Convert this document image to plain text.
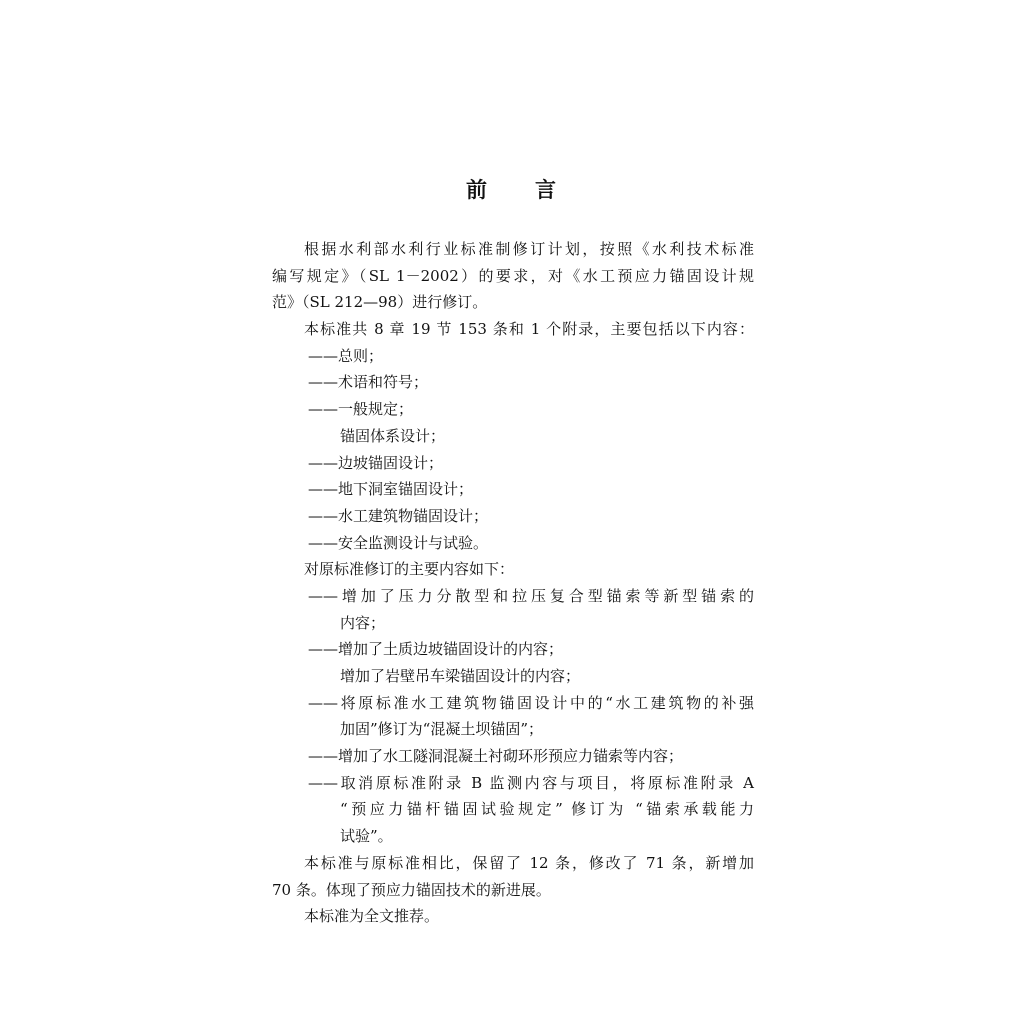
前 言
根据水利部水利行业标准制修订计划，按照《水利技术标准
编写规定》（SL 1－2002）的要求，对《水工预应力锚固设计规
范》（SL 212—98）进行修订。
本标准共 8 章 19 节 153 条和 1 个附录，主要包括以下内容：
——总则；
——术语和符号；
——一般规定；
锚固体系设计；
——边坡锚固设计；
——地下洞室锚固设计；
——水工建筑物锚固设计；
——安全监测设计与试验。
对原标准修订的主要内容如下：
——增加了压力分散型和拉压复合型锚索等新型锚索的
内容；
——增加了土质边坡锚固设计的内容；
增加了岩壁吊车梁锚固设计的内容；
——将原标准水工建筑物锚固设计中的“水工建筑物的补强
加固”修订为“混凝土坝锚固”；
——增加了水工隧洞混凝土衬砌环形预应力锚索等内容；
——取消原标准附录 B 监测内容与项目，将原标准附录 A
“预应力锚杆锚固试验规定” 修订为 “锚索承载能力
试验”。
本标准与原标准相比，保留了 12 条，修改了 71 条，新增加
70 条。体现了预应力锚固技术的新进展。
本标准为全文推荐。
